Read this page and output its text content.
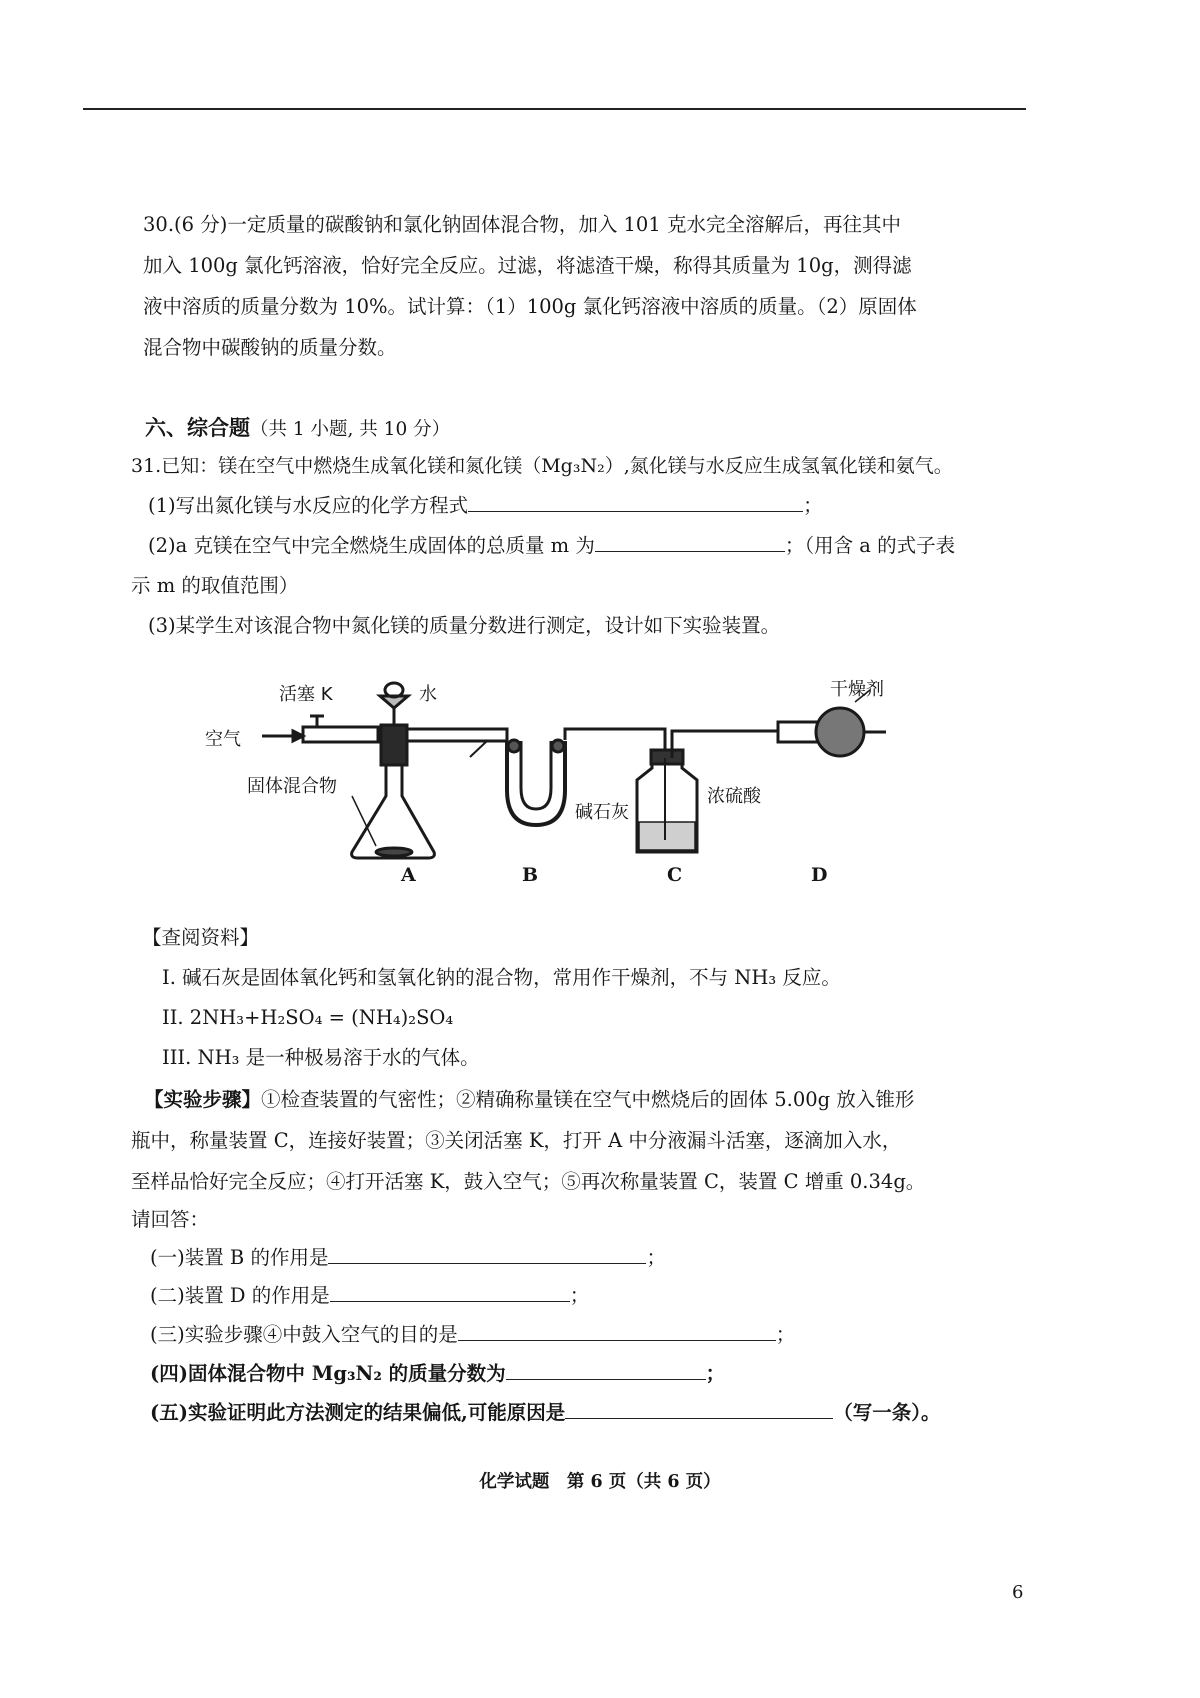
30.(6 分)一定质量的碳酸钠和氯化钠固体混合物，加入 101 克水完全溶解后，再往其中
加入 100g 氯化钙溶液，恰好完全反应。过滤，将滤渣干燥，称得其质量为 10g，测得滤
液中溶质的质量分数为 10%。试计算：（1）100g 氯化钙溶液中溶质的质量。（2）原固体
混合物中碳酸钠的质量分数。
六、综合题（共 1 小题, 共 10 分）
31.已知：镁在空气中燃烧生成氧化镁和氮化镁（Mg₃N₂）,氮化镁与水反应生成氢氧化镁和氨气。
(1)写出氮化镁与水反应的化学方程式	；
(2)a 克镁在空气中完全燃烧生成固体的总质量 m 为	；（用含 a 的式子表
示 m 的取值范围）
(3)某学生对该混合物中氮化镁的质量分数进行测定，设计如下实验装置。
活塞 K	水
空气
固体混合物
碱石灰
浓硫酸
干燥剂
A	B	C	D
【查阅资料】
I. 碱石灰是固体氧化钙和氢氧化钠的混合物，常用作干燥剂，不与 NH₃ 反应。
II. 2NH₃+H₂SO₄ = (NH₄)₂SO₄
III. NH₃ 是一种极易溶于水的气体。
【实验步骤】①检查装置的气密性；②精确称量镁在空气中燃烧后的固体 5.00g 放入锥形
瓶中，称量装置 C，连接好装置；③关闭活塞 K，打开 A 中分液漏斗活塞，逐滴加入水，
至样品恰好完全反应；④打开活塞 K，鼓入空气；⑤再次称量装置 C，装置 C 增重 0.34g。
请回答：
(一)装置 B 的作用是	；
(二)装置 D 的作用是	；
(三)实验步骤④中鼓入空气的目的是	；
(四)固体混合物中 Mg₃N₂ 的质量分数为	；
(五)实验证明此方法测定的结果偏低,可能原因是	（写一条）。
化学试题　第 6 页（共 6 页）
6
